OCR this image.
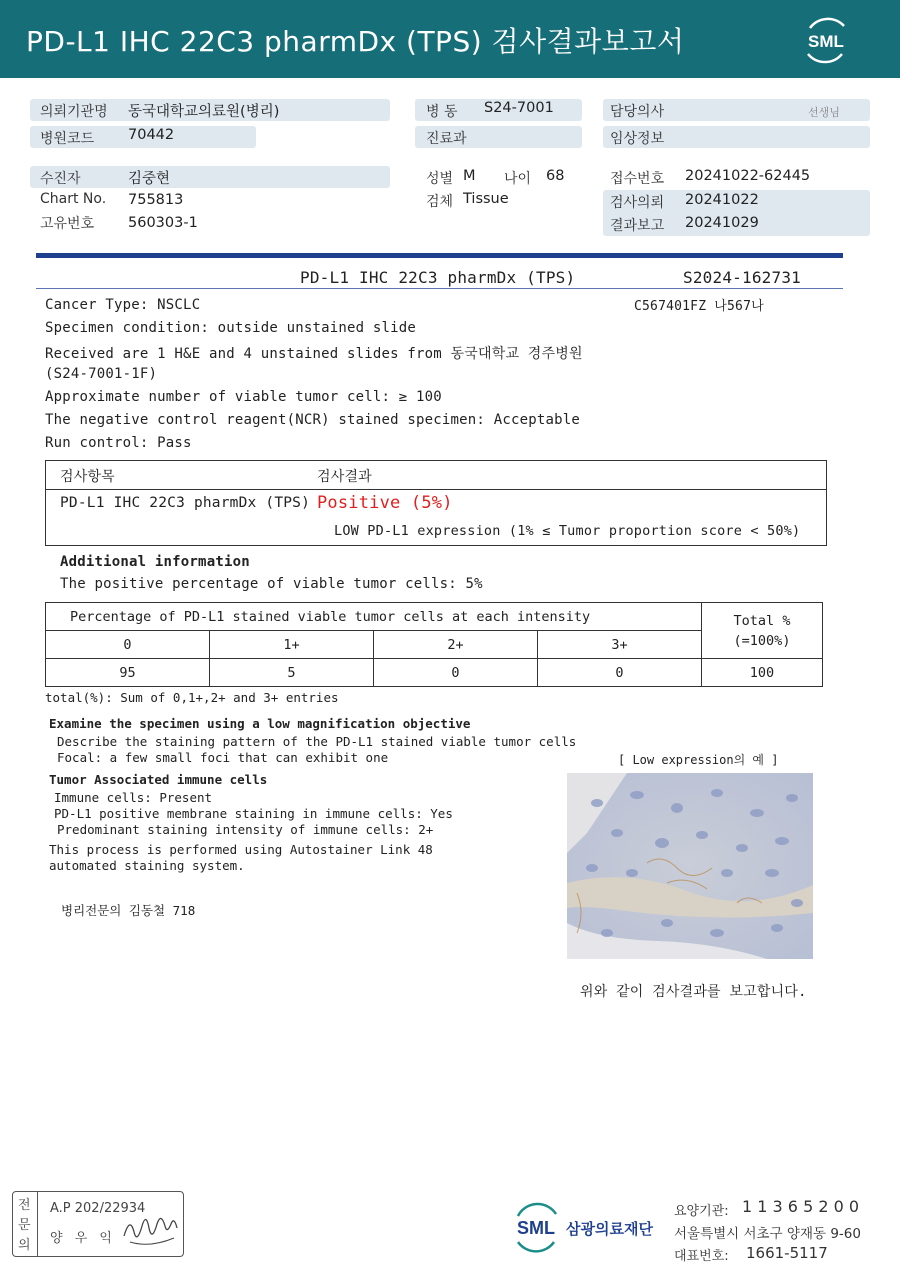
PD-L1 IHC 22C3 pharmDx (TPS) 검사결과보고서	SML
의뢰기관명 동국대학교의료원(병리)
병원코드 70442
병 동 S24-7001
진료과
담당의사	선생님
임상정보
수진자	김중현
Chart No. 755813
고유번호 560303-1
성별 M 나이 68
검체 Tissue
접수번호 20241022-62445
검사의뢰 20241022
결과보고 20241029
PD-L1 IHC 22C3 pharmDx (TPS)	S2024-162731
Cancer Type: NSCLC	C567401FZ 나567나
Specimen condition: outside unstained slide
Received are 1 H&E and 4 unstained slides from 동국대학교 경주병원
(S24-7001-1F)
Approximate number of viable tumor cell: ≥ 100
The negative control reagent(NCR) stained specimen: Acceptable
Run control: Pass
검사항목	검사결과
PD-L1 IHC 22C3 pharmDx (TPS) Positive (5%)
LOW PD-L1 expression (1% ≤ Tumor proportion score < 50%)
Additional information
The positive percentage of viable tumor cells: 5%
Percentage of PD-L1 stained viable tumor cells at each intensity				Total %
(=100%)

0	1+	2+	3+	
95	5	0	0	100
total(%): Sum of 0,1+,2+ and 3+ entries
Examine the specimen using a low magnification objective
Describe the staining pattern of the PD-L1 stained viable tumor cells
Focal: a few small foci that can exhibit one	[ Low expression의 예 ]
Tumor Associated immune cells
Immune cells: Present
PD-L1 positive membrane staining in immune cells: Yes
Predominant staining intensity of immune cells: 2+
This process is performed using Autostainer Link 48
automated staining system.
병리전문의 김동철 718
위와 같이 검사결과를 보고합니다.
전
문
의
A.P 202/22934
양 우 익
SML 삼광의료재단
요양기관: 1 1 3 6 5 2 0 0
서울특별시 서초구 양재동 9-60
대표번호: 1661-5117
